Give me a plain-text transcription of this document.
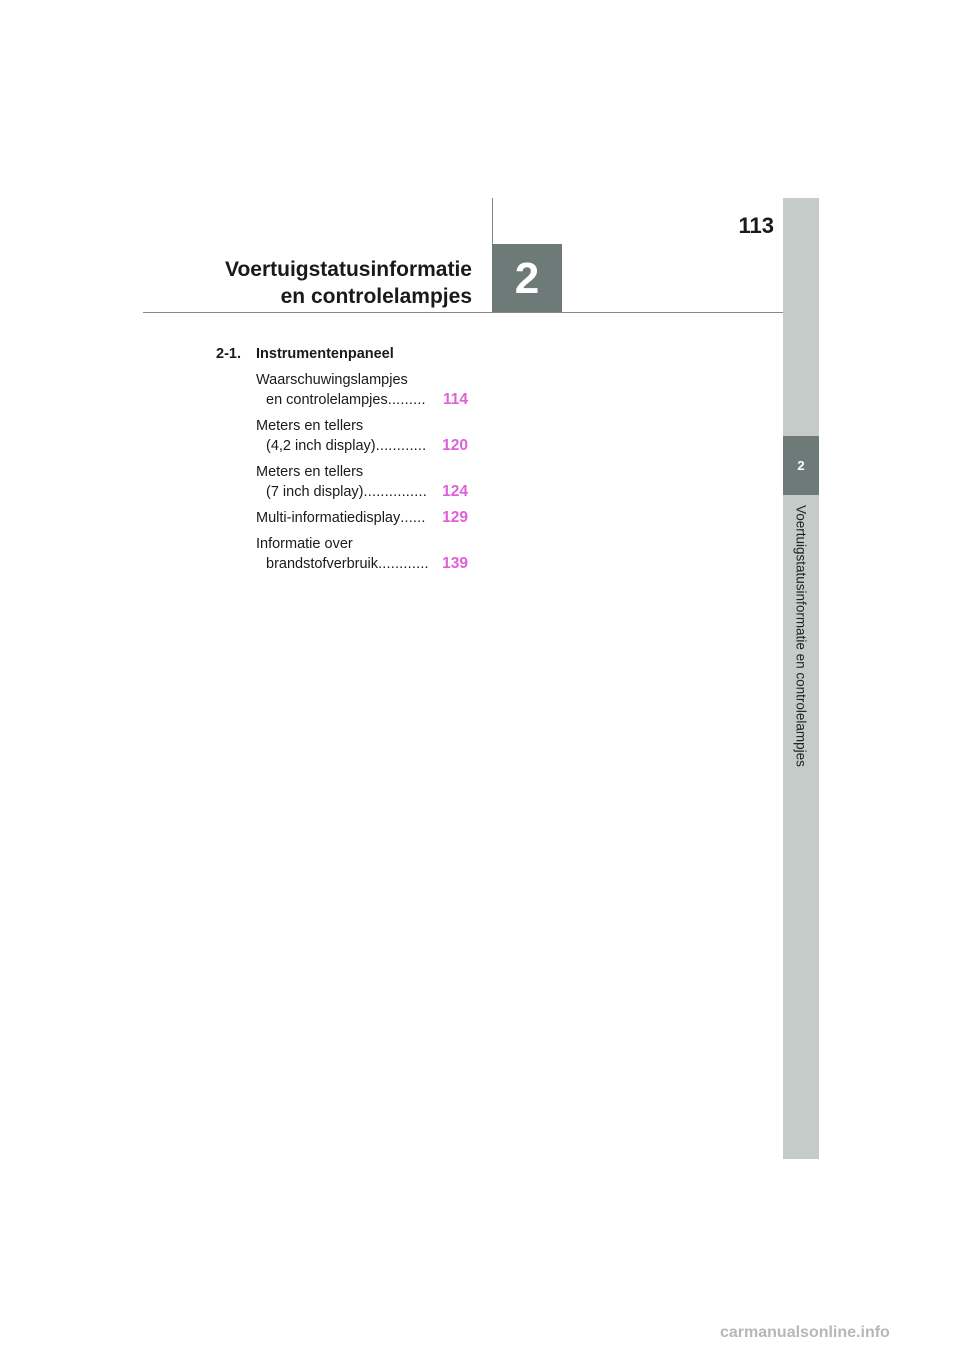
2
Voertuigstatusinformatie en controlelampjes
113
2
Voertuigstatusinformatie
en controlelampjes
2-1. Instrumentenpaneel
Waarschuwingslampjes
en controlelampjes .........	114
Meters en tellers
(4,2 inch display) ............	120
Meters en tellers
(7 inch display) ............... 124
Multi-informatiedisplay ......	129
Informatie over
brandstofverbruik ............ 139
carmanualsonline.info
